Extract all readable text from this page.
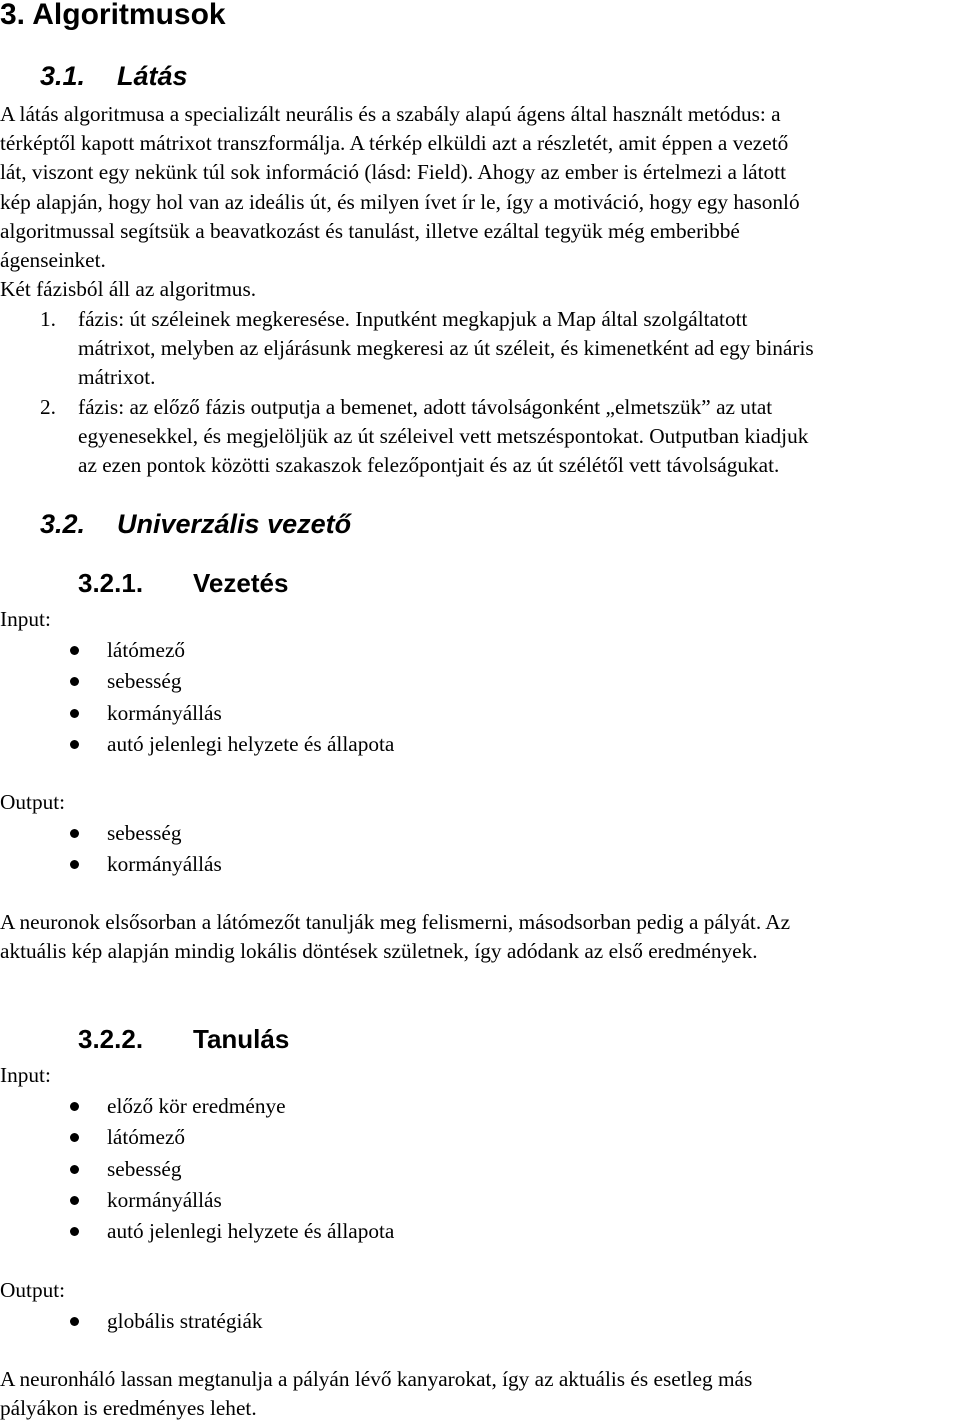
3. Algoritmusok
3.1. Látás
A látás algoritmusa a specializált neurális és a szabály alapú ágens által használt metódus: a
térképtől kapott mátrixot transzformálja. A térkép elküldi azt a részletét, amit éppen a vezető
lát, viszont egy nekünk túl sok információ (lásd: Field). Ahogy az ember is értelmezi a látott
kép alapján, hogy hol van az ideális út, és milyen ívet ír le, így a motiváció, hogy egy hasonló
algoritmussal segítsük a beavatkozást és tanulást, illetve ezáltal tegyük még emberibbé
ágenseinket.
Két fázisból áll az algoritmus.
1. fázis: út széleinek megkeresése. Inputként megkapjuk a Map által szolgáltatott
mátrixot, melyben az eljárásunk megkeresi az út széleit, és kimenetként ad egy bináris
mátrixot.
2. fázis: az előző fázis outputja a bemenet, adott távolságonként „elmetszük” az utat
egyenesekkel, és megjelöljük az út széleivel vett metszéspontokat. Outputban kiadjuk
az ezen pontok közötti szakaszok felezőpontjait és az út szélétől vett távolságukat.
3.2. Univerzális vezető
3.2.1. Vezetés
Input:
látómező
sebesség
kormányállás
autó jelenlegi helyzete és állapota
Output:
sebesség
kormányállás
A neuronok elsősorban a látómezőt tanulják meg felismerni, másodsorban pedig a pályát. Az
aktuális kép alapján mindig lokális döntések születnek, így adódank az első eredmények.
3.2.2. Tanulás
Input:
előző kör eredménye
látómező
sebesség
kormányállás
autó jelenlegi helyzete és állapota
Output:
globális stratégiák
A neuronháló lassan megtanulja a pályán lévő kanyarokat, így az aktuális és esetleg más
pályákon is eredményes lehet.
